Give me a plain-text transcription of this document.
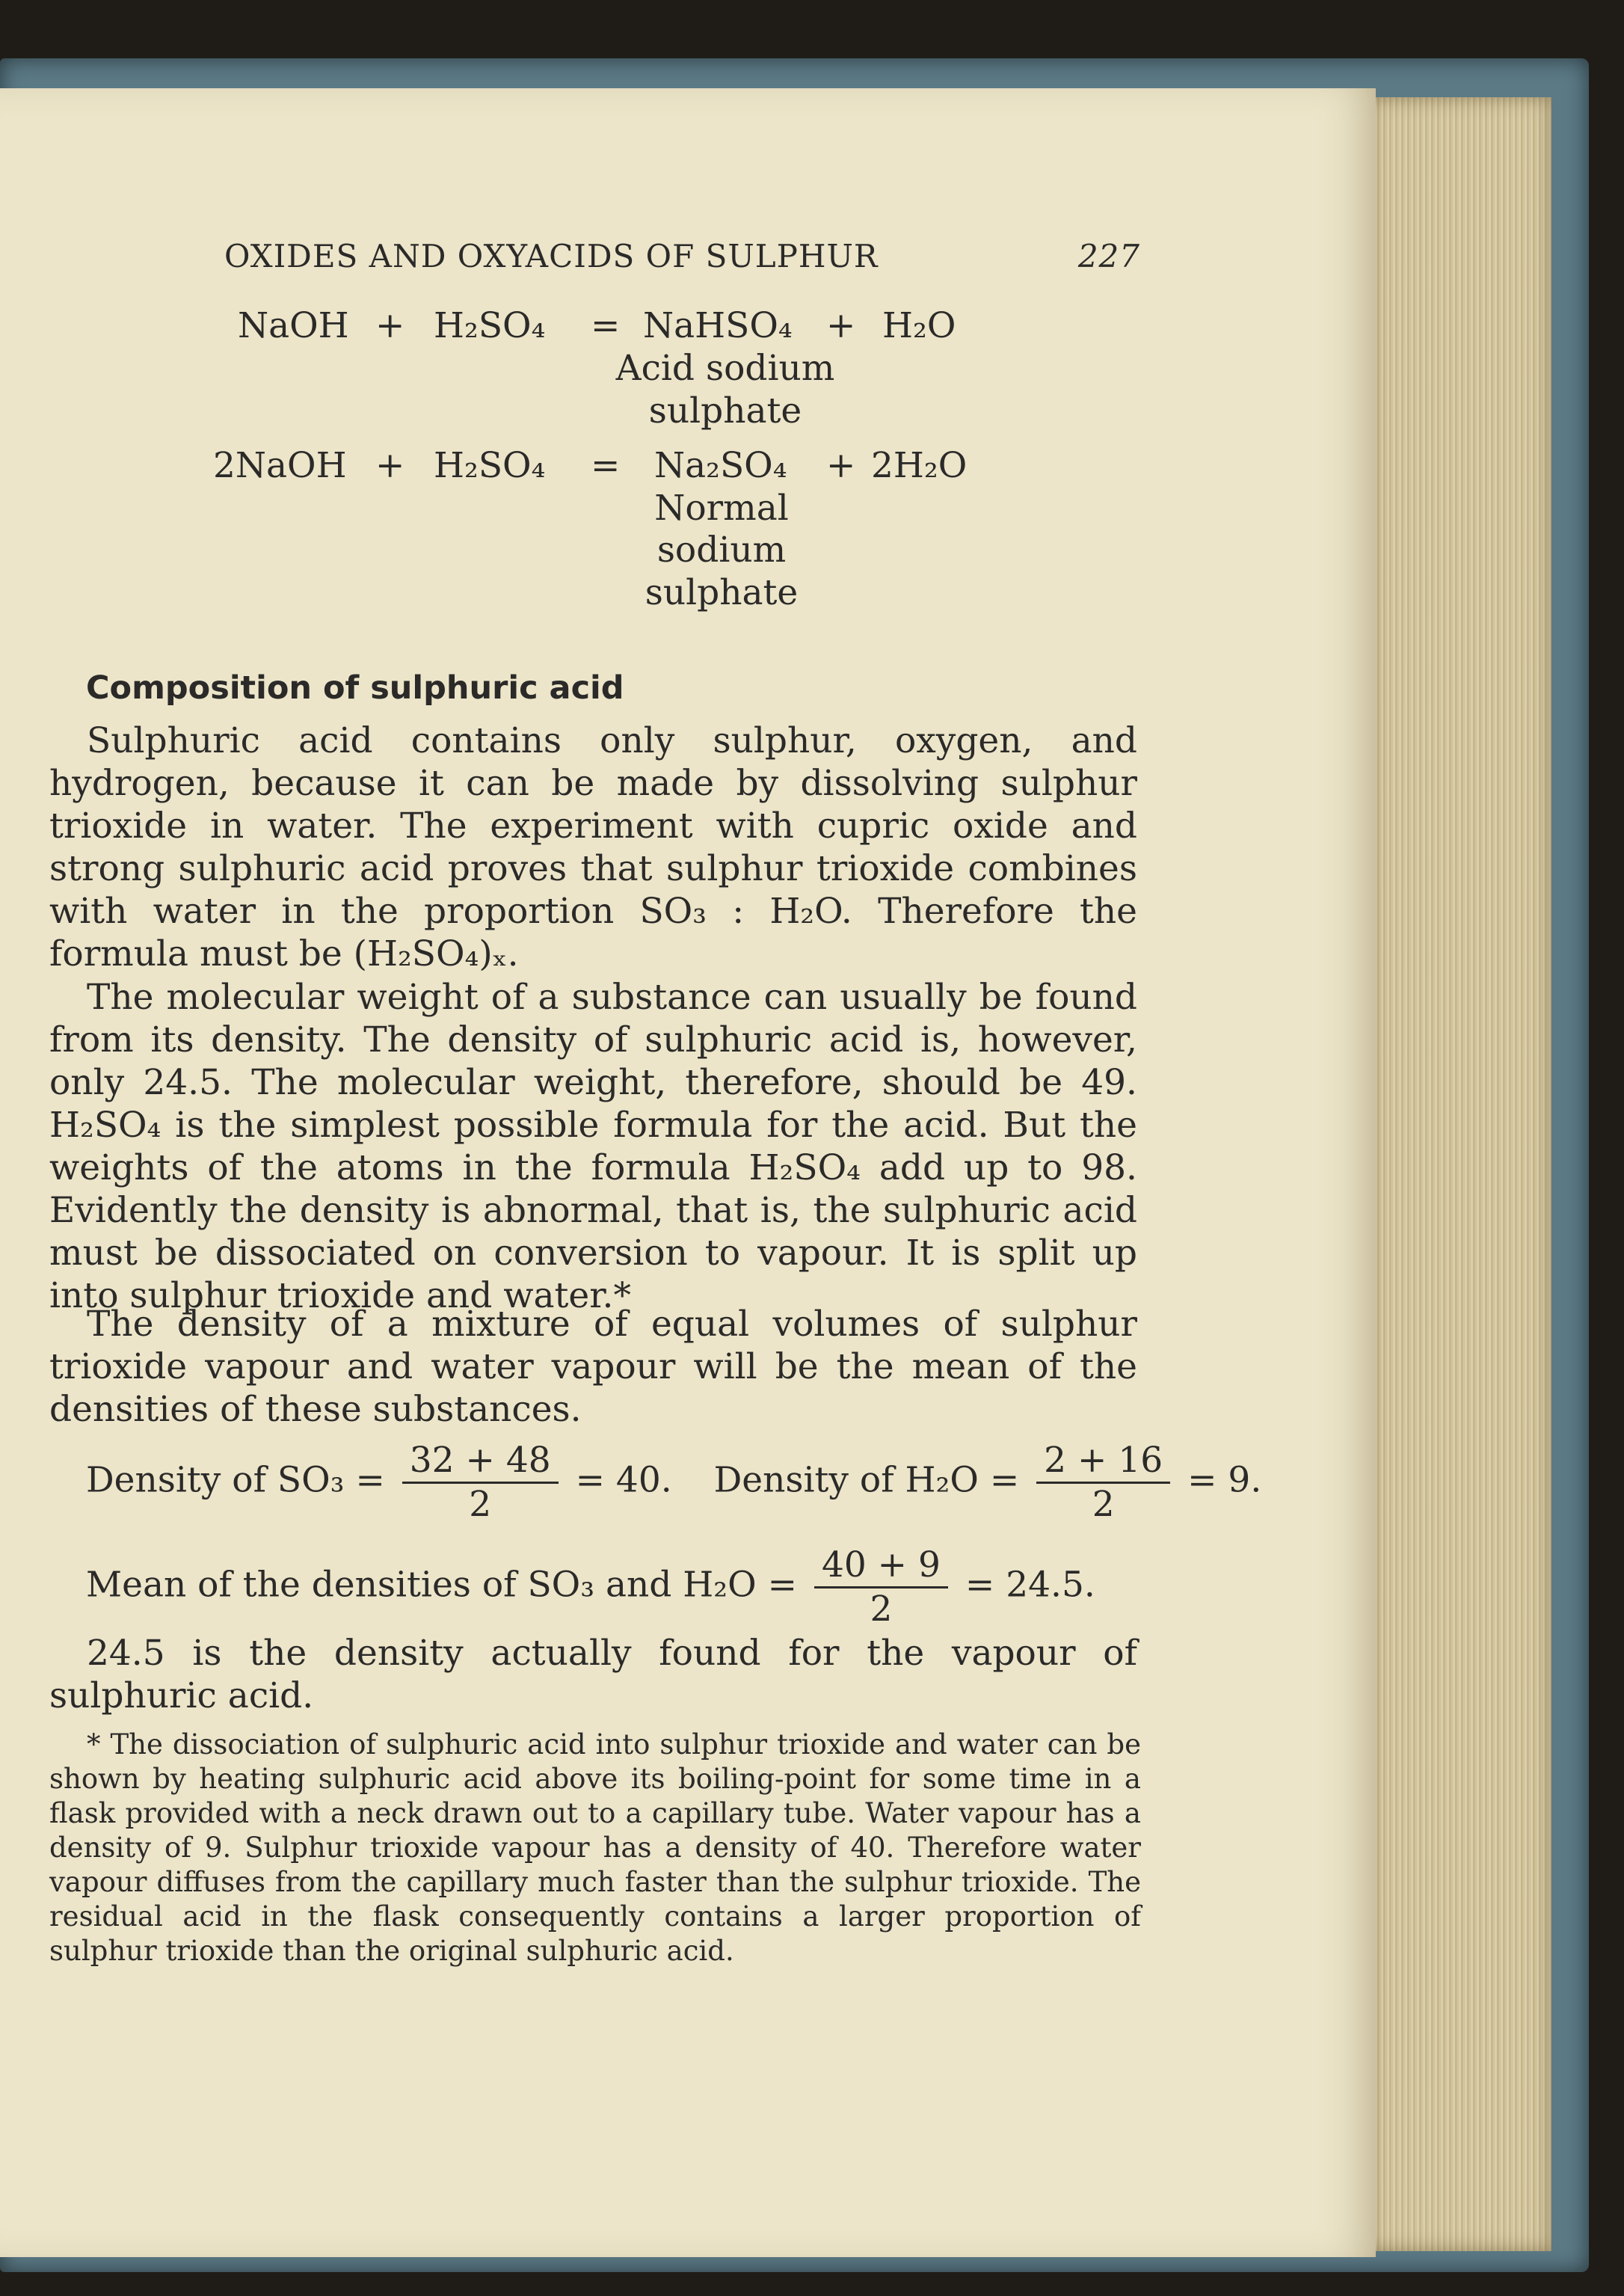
OXIDES AND OXYACIDS OF SULPHUR	227
NaOH + H₂SO₄ = NaHSO₄ + H₂O
Acid sodium
sulphate
2NaOH + H₂SO₄ = Na₂SO₄ + 2H₂O
Normal
sodium
sulphate
Composition of sulphuric acid
Sulphuric acid contains only sulphur, oxygen, and hydrogen, because it can be made by dissolving sulphur trioxide in water. The experiment with cupric oxide and strong sulphuric acid proves that sulphur trioxide combines with water in the proportion SO₃ : H₂O. Therefore the formula must be (H₂SO₄)ₓ.
The molecular weight of a substance can usually be found from its density. The density of sulphuric acid is, however, only 24.5. The molecular weight, therefore, should be 49. H₂SO₄ is the simplest possible formula for the acid. But the weights of the atoms in the formula H₂SO₄ add up to 98. Evidently the density is abnormal, that is, the sulphuric acid must be dissociated on conversion to vapour. It is split up into sulphur trioxide and water.*
The density of a mixture of equal volumes of sulphur trioxide vapour and water vapour will be the mean of the densities of these substances.
Density of $SO_3 = \frac{32 + 48}{2} = 40$. Density of $H_2O = \frac{2 + 16}{2} = 9$.
Mean of the densities of SO₃ and $H_2O = \frac{40 + 9}{2} = 24.5$.
24.5 is the density actually found for the vapour of sulphuric acid.
* The dissociation of sulphuric acid into sulphur trioxide and water can be shown by heating sulphuric acid above its boiling-point for some time in a flask provided with a neck drawn out to a capillary tube. Water vapour has a density of 9. Sulphur trioxide vapour has a density of 40. Therefore water vapour diffuses from the capillary much faster than the sulphur trioxide. The residual acid in the flask consequently contains a larger proportion of sulphur trioxide than the original sulphuric acid.
